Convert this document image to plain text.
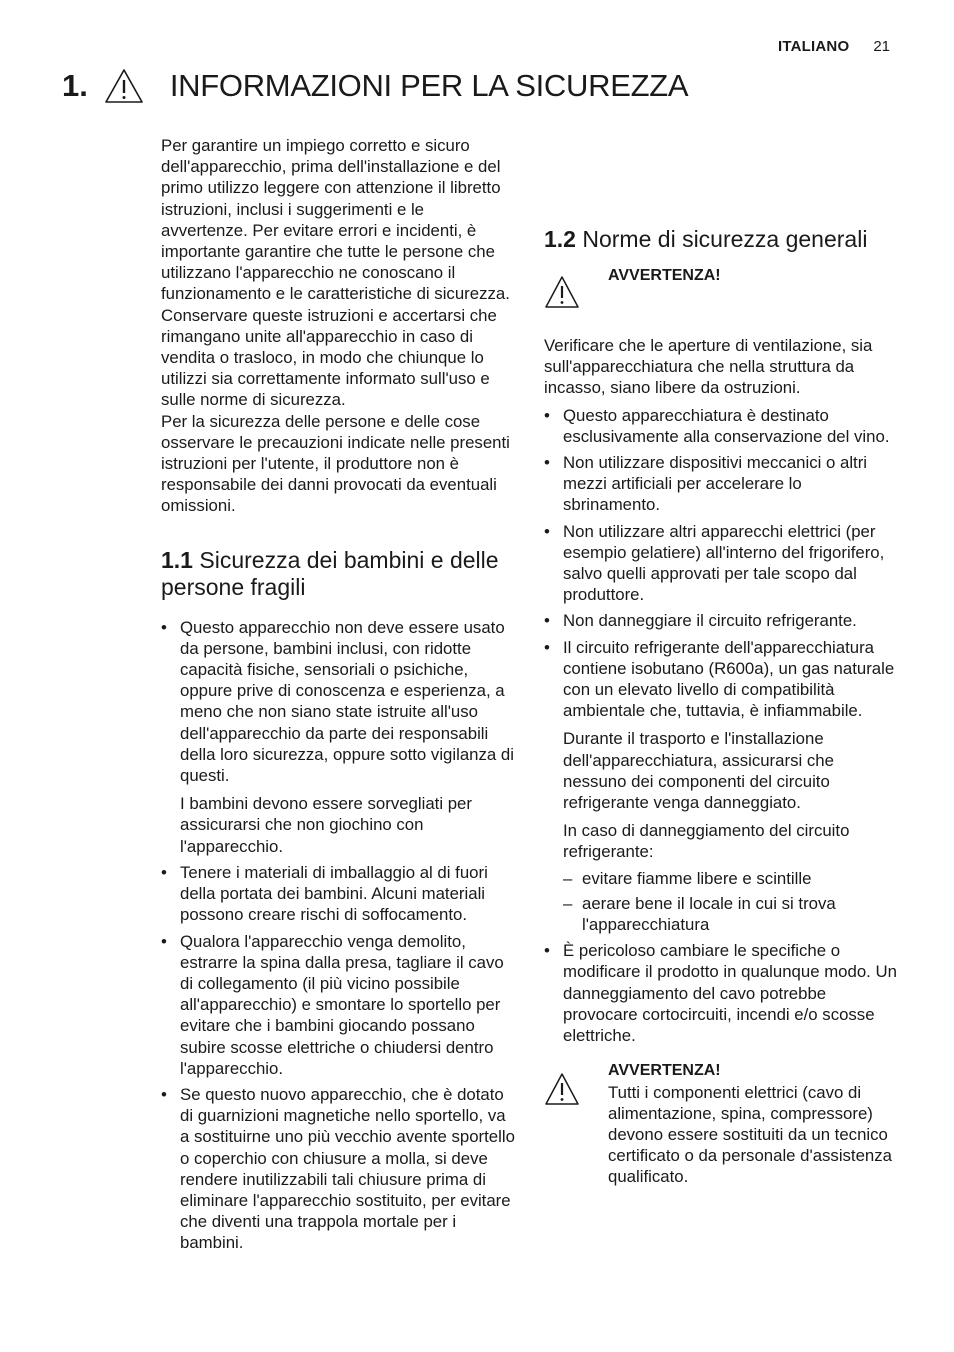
ITALIANO 21
1.	INFORMAZIONI PER LA SICUREZZA

Per garantire un impiego corretto e sicuro dell'apparecchio, prima dell'installazione e del primo utilizzo leggere con attenzione il libretto istruzioni, inclusi i suggerimenti e le avvertenze. Per evitare errori e incidenti, è importante garantire che tutte le persone che utilizzano l'apparecchio ne conoscano il funzionamento e le caratteristiche di sicurezza. Conservare queste istruzioni e accertarsi che rimangano unite all'apparecchio in caso di vendita o trasloco, in modo che chiunque lo utilizzi sia correttamente informato sull'uso e sulle norme di sicurezza.

Per la sicurezza delle persone e delle cose osservare le precauzioni indicate nelle presenti istruzioni per l'utente, il produttore non è responsabile dei danni provocati da eventuali omissioni.

1.1 Sicurezza dei bambini e delle persone fragili

• Questo apparecchio non deve essere usato da persone, bambini inclusi, con ridotte capacità fisiche, sensoriali o psichiche, oppure prive di conoscenza e esperienza, a meno che non siano state istruite all'uso dell'apparecchio da parte dei responsabili della loro sicurezza, oppure sotto vigilanza di questi.

I bambini devono essere sorvegliati per assicurarsi che non giochino con l'apparecchio.

• Tenere i materiali di imballaggio al di fuori della portata dei bambini. Alcuni materiali possono creare rischi di soffocamento.

• Qualora l'apparecchio venga demolito, estrarre la spina dalla presa, tagliare il cavo di collegamento (il più vicino possibile all'apparecchio) e smontare lo sportello per evitare che i bambini giocando possano subire scosse elettriche o chiudersi dentro l'apparecchio.

• Se questo nuovo apparecchio, che è dotato di guarnizioni magnetiche nello sportello, va a sostituirne uno più vecchio avente sportello o coperchio con chiusure a molla, si deve rendere inutilizzabili tali chiusure prima di eliminare l'apparecchio sostituito, per evitare che diventi una trappola mortale per i bambini.

1.2 Norme di sicurezza generali
AVVERTENZA!

Verificare che le aperture di ventilazione, sia sull'apparecchiatura che nella struttura da incasso, siano libere da ostruzioni.

• Questo apparecchiatura è destinato esclusivamente alla conservazione del vino.

• Non utilizzare dispositivi meccanici o altri mezzi artificiali per accelerare lo sbrinamento.

• Non utilizzare altri apparecchi elettrici (per esempio gelatiere) all'interno del frigorifero, salvo quelli approvati per tale scopo dal produttore.

• Non danneggiare il circuito refrigerante.

• Il circuito refrigerante dell'apparecchiatura contiene isobutano (R600a), un gas naturale con un elevato livello di compatibilità ambientale che, tuttavia, è infiammabile.

Durante il trasporto e l'installazione dell'apparecchiatura, assicurarsi che nessuno dei componenti del circuito refrigerante venga danneggiato.

In caso di danneggiamento del circuito refrigerante:

– evitare fiamme libere e scintille
– aerare bene il locale in cui si trova l'apparecchiatura

• È pericoloso cambiare le specifiche o modificare il prodotto in qualunque modo. Un danneggiamento del cavo potrebbe provocare cortocircuiti, incendi e/o scosse elettriche.

AVVERTENZA!

Tutti i componenti elettrici (cavo di alimentazione, spina, compressore) devono essere sostituiti da un tecnico certificato o da personale d'assistenza qualificato.
